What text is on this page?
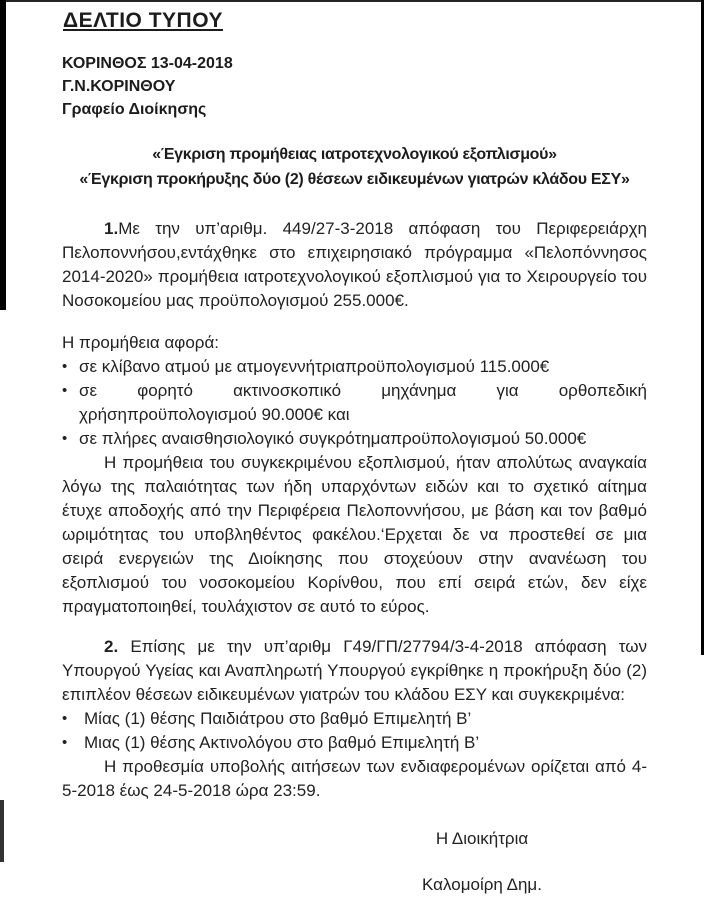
ΔΕΛΤΙΟ ΤΥΠΟΥ

ΚΟΡΙΝΘΟΣ 13-04-2018

Γ.Ν.ΚΟΡΙΝΘΟΥ

Γραφείο Διοίκησης

«Έγκριση προμήθειας ιατροτεχνολογικού εξοπλισμού»

«Έγκριση προκήρυξης δύο (2) θέσεων ειδικευμένων γιατρών κλάδου ΕΣΥ»

1.Με την υπ’αριθμ. 449/27-3-2018 απόφαση του Περιφερειάρχη Πελοποννήσου,εντάχθηκε στο επιχειρησιακό πρόγραμμα «Πελοπόννησος 2014-2020» προμήθεια ιατροτεχνολογικού εξοπλισμού για το Χειρουργείο του Νοσοκομείου μας προϋπολογισμού 255.000€.

Η προμήθεια αφορά:

• σε κλίβανο ατμού με ατμογεννήτριαπροϋπολογισμού 115.000€
• σε φορητό ακτινοσκοπικό μηχάνημα για ορθοπεδική χρήσηπροϋπολογισμού 90.000€ και
• σε πλήρες αναισθησιολογικό συγκρότημαπροϋπολογισμού 50.000€

Η προμήθεια του συγκεκριμένου εξοπλισμού, ήταν απολύτως αναγκαία λόγω της παλαιότητας των ήδη υπαρχόντων ειδών και το σχετικό αίτημα έτυχε αποδοχής από την Περιφέρεια Πελοποννήσου, με βάση και τον βαθμό ωριμότητας του υποβληθέντος φακέλου.‘Ερχεται δε να προστεθεί σε μια σειρά ενεργειών της Διοίκησης που στοχεύουν στην ανανέωση του εξοπλισμού του νοσοκομείου Κορίνθου, που επί σειρά ετών, δεν είχε πραγματοποιηθεί, τουλάχιστον σε αυτό το εύρος.

2. Επίσης με την υπ’αριθμ Γ49/ΓΠ/27794/3-4-2018 απόφαση των Υπουργού Υγείας και Αναπληρωτή Υπουργού εγκρίθηκε η προκήρυξη δύο (2) επιπλέον θέσεων ειδικευμένων γιατρών του κλάδου ΕΣΥ και συγκεκριμένα:

• Μίας (1) θέσης Παιδιάτρου στο βαθμό Επιμελητή Β’
• Μιας (1) θέσης Ακτινολόγου στο βαθμό Επιμελητή Β’

Η προθεσμία υποβολής αιτήσεων των ενδιαφερομένων ορίζεται από 4-5-2018 έως 24-5-2018 ώρα 23:59.

Η Διοικήτρια

Καλομοίρη Δημ.
